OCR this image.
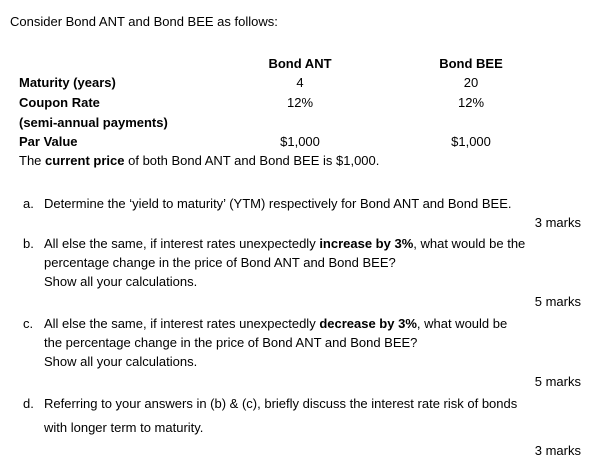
Consider Bond ANT and Bond BEE as follows:
Bond ANT	Bond BEE
Maturity (years)	4	20
Coupon Rate	12%	12%
(semi-annual payments)
Par Value	$1,000	$1,000
The current price of both Bond ANT and Bond BEE is $1,000.
a. Determine the ‘yield to maturity’ (YTM) respectively for Bond ANT and Bond BEE.
3 marks
b. All else the same, if interest rates unexpectedly increase by 3%, what would be the
percentage change in the price of Bond ANT and Bond BEE?
Show all your calculations.
5 marks
c. All else the same, if interest rates unexpectedly decrease by 3%, what would be
the percentage change in the price of Bond ANT and Bond BEE?
Show all your calculations.
5 marks
d. Referring to your answers in (b) & (c), briefly discuss the interest rate risk of bonds
with longer term to maturity.
3 marks
